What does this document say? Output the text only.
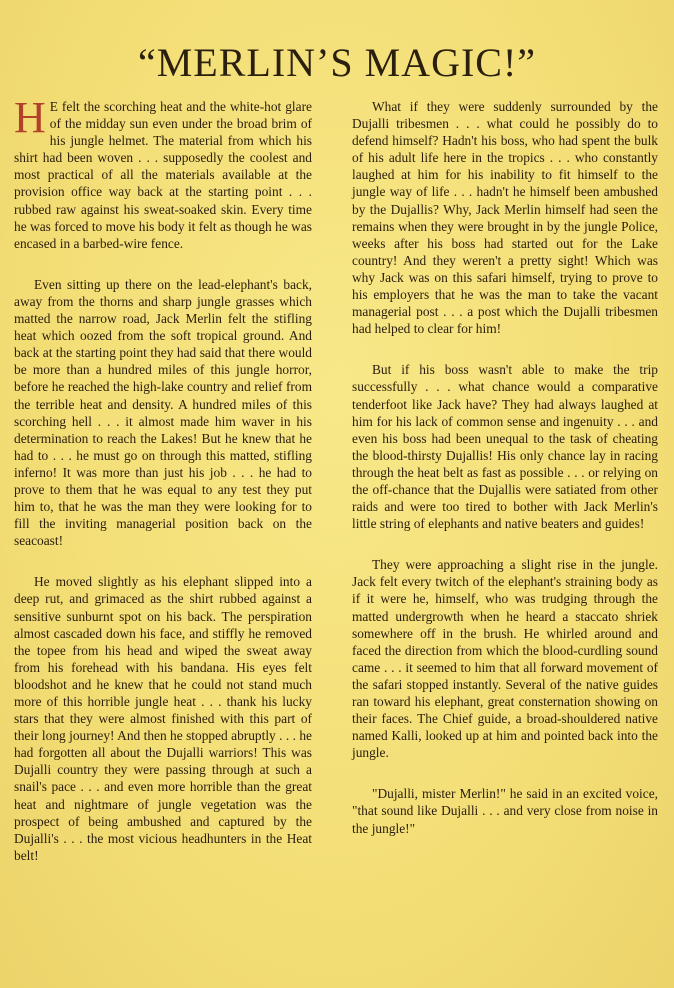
“MERLIN’S MAGIC!”

H E felt the scorching heat and the white-hot glare of the midday sun even under the broad brim of his jungle helmet. The material from which his shirt had been woven . . . supposedly the coolest and most practical of all the materials available at the provision office way back at the starting point . . . rubbed raw against his sweat-soaked skin. Every time he was forced to move his body it felt as though he was encased in a barbed-wire fence.

Even sitting up there on the lead-elephant's back, away from the thorns and sharp jungle grasses which matted the narrow road, Jack Merlin felt the stifling heat which oozed from the soft tropical ground. And back at the starting point they had said that there would be more than a hundred miles of this jungle horror, before he reached the high-lake country and relief from the terrible heat and density. A hundred miles of this scorching hell . . . it almost made him waver in his determination to reach the Lakes! But he knew that he had to . . . he must go on through this matted, stifling inferno! It was more than just his job . . . he had to prove to them that he was equal to any test they put him to, that he was the man they were looking for to fill the inviting managerial position back on the seacoast!

He moved slightly as his elephant slipped into a deep rut, and grimaced as the shirt rubbed against a sensitive sunburnt spot on his back. The perspiration almost cascaded down his face, and stiffly he removed the topee from his head and wiped the sweat away from his forehead with his bandana. His eyes felt bloodshot and he knew that he could not stand much more of this horrible jungle heat . . . thank his lucky stars that they were almost finished with this part of their long journey! And then he stopped abruptly . . . he had forgotten all about the Dujalli warriors! This was Dujalli country they were passing through at such a snail's pace . . . and even more horrible than the great heat and nightmare of jungle vegetation was the prospect of being ambushed and captured by the Dujalli's . . . the most vicious headhunters in the Heat belt!

What if they were suddenly surrounded by the Dujalli tribesmen . . . what could he possibly do to defend himself? Hadn't his boss, who had spent the bulk of his adult life here in the tropics . . . who constantly laughed at him for his inability to fit himself to the jungle way of life . . . hadn't he himself been ambushed by the Dujallis? Why, Jack Merlin himself had seen the remains when they were brought in by the jungle Police, weeks after his boss had started out for the Lake country! And they weren't a pretty sight! Which was why Jack was on this safari himself, trying to prove to his employers that he was the man to take the vacant managerial post . . . a post which the Dujalli tribesmen had helped to clear for him!

But if his boss wasn't able to make the trip successfully . . . what chance would a comparative tenderfoot like Jack have? They had always laughed at him for his lack of common sense and ingenuity . . . and even his boss had been unequal to the task of cheating the blood-thirsty Dujallis! His only chance lay in racing through the heat belt as fast as possible . . . or relying on the off-chance that the Dujallis were satiated from other raids and were too tired to bother with Jack Merlin's little string of elephants and native beaters and guides!

They were approaching a slight rise in the jungle. Jack felt every twitch of the elephant's straining body as if it were he, himself, who was trudging through the matted undergrowth when he heard a staccato shriek somewhere off in the brush. He whirled around and faced the direction from which the blood-curdling sound came . . . it seemed to him that all forward movement of the safari stopped instantly. Several of the native guides ran toward his elephant, great consternation showing on their faces. The Chief guide, a broad-shouldered native named Kalli, looked up at him and pointed back into the jungle.

"Dujalli, mister Merlin!" he said in an excited voice, "that sound like Dujalli . . . and very close from noise in the jungle!"
